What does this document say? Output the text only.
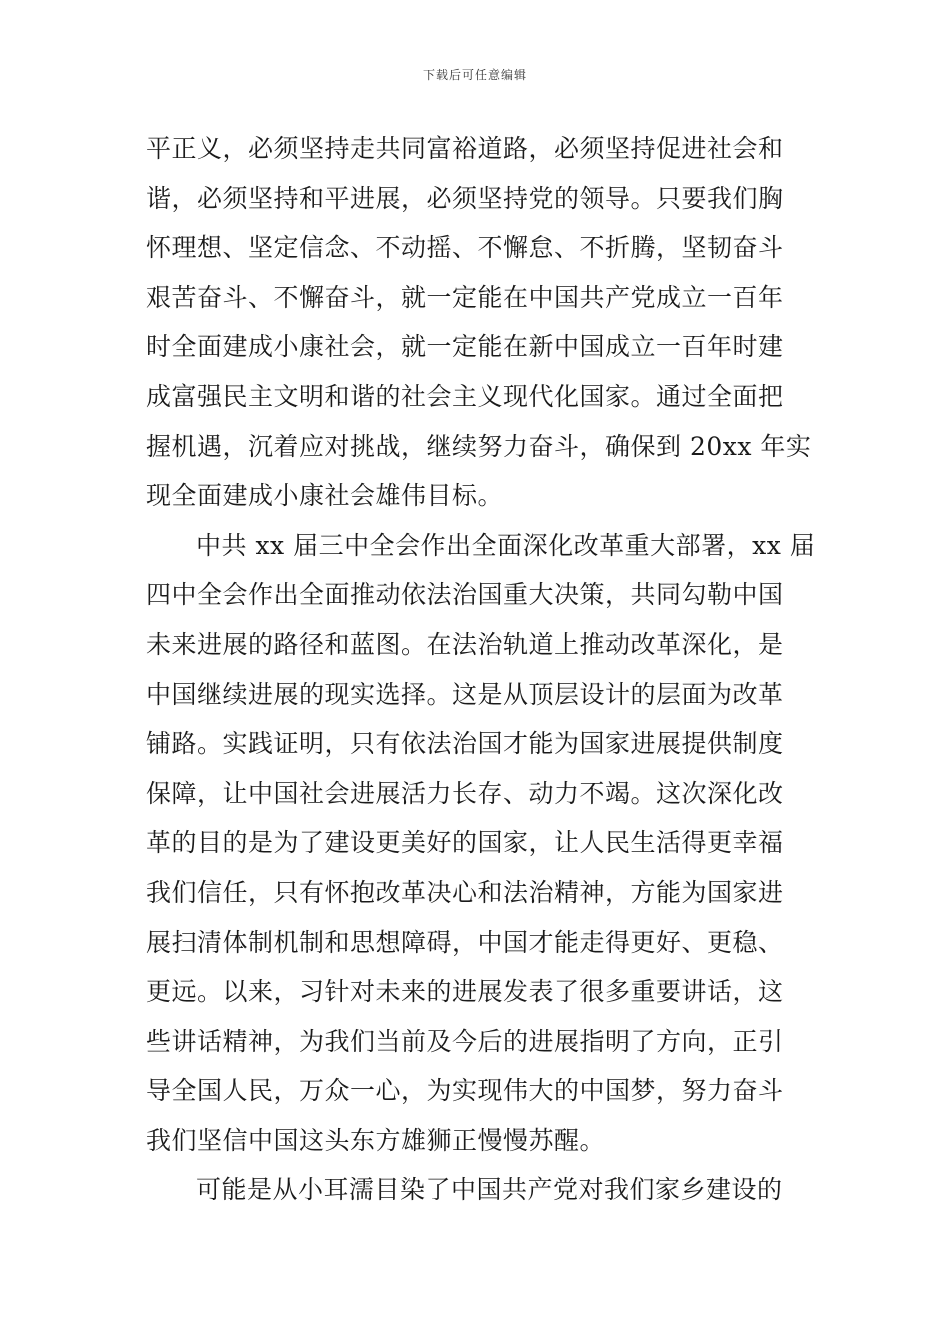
下载后可任意编辑
平正义，必须坚持走共同富裕道路，必须坚持促进社会和
谐，必须坚持和平进展，必须坚持党的领导。只要我们胸
怀理想、坚定信念、不动摇、不懈怠、不折腾，坚韧奋斗
艰苦奋斗、不懈奋斗，就一定能在中国共产党成立一百年
时全面建成小康社会，就一定能在新中国成立一百年时建
成富强民主文明和谐的社会主义现代化国家。通过全面把
握机遇，沉着应对挑战，继续努力奋斗，确保到 20xx 年实
现全面建成小康社会雄伟目标。
中共 xx 届三中全会作出全面深化改革重大部署，xx 届
四中全会作出全面推动依法治国重大决策，共同勾勒中国
未来进展的路径和蓝图。在法治轨道上推动改革深化，是
中国继续进展的现实选择。这是从顶层设计的层面为改革
铺路。实践证明，只有依法治国才能为国家进展提供制度
保障，让中国社会进展活力长存、动力不竭。这次深化改
革的目的是为了建设更美好的国家，让人民生活得更幸福
我们信任，只有怀抱改革决心和法治精神，方能为国家进
展扫清体制机制和思想障碍，中国才能走得更好、更稳、
更远。以来，习针对未来的进展发表了很多重要讲话，这
些讲话精神，为我们当前及今后的进展指明了方向，正引
导全国人民，万众一心，为实现伟大的中国梦，努力奋斗
我们坚信中国这头东方雄狮正慢慢苏醒。
可能是从小耳濡目染了中国共产党对我们家乡建设的
